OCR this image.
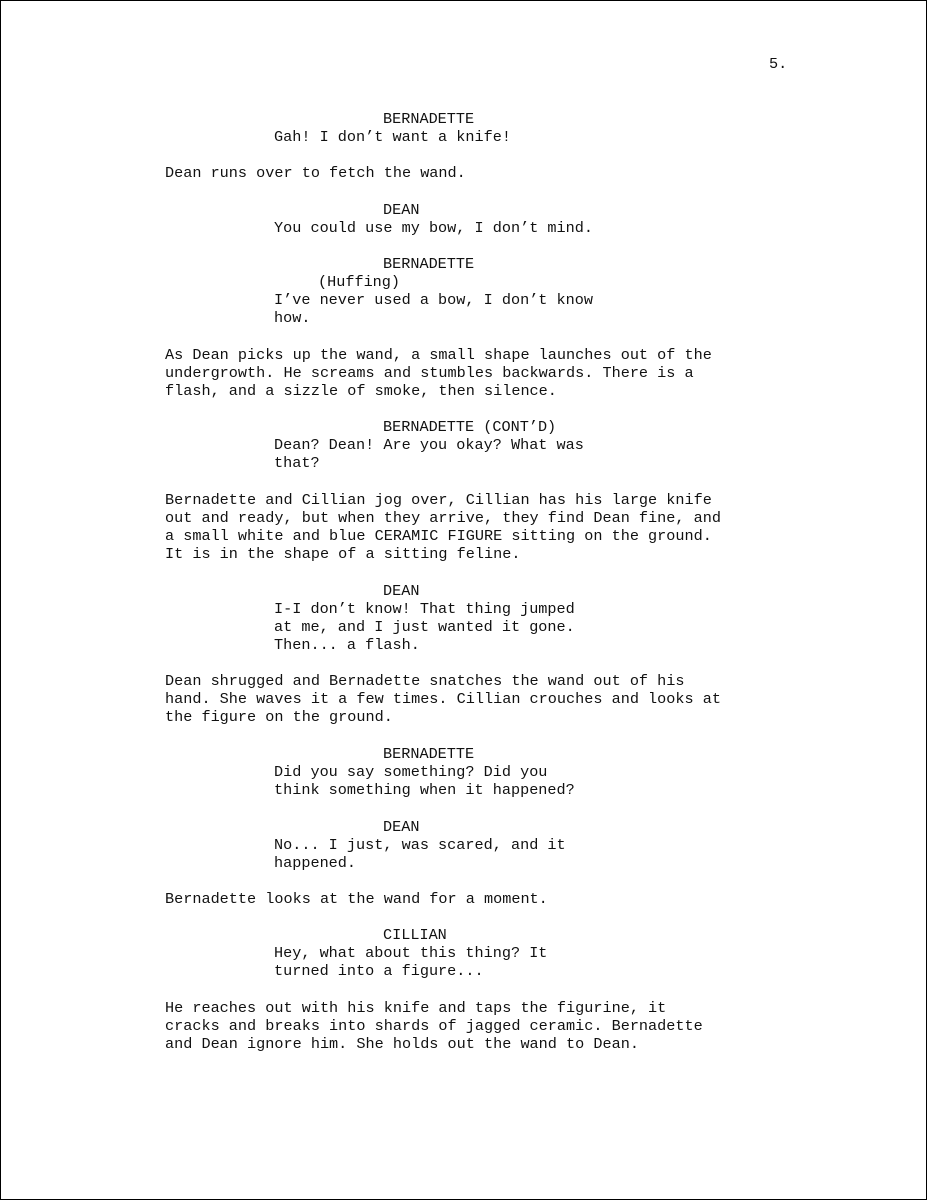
5.
BERNADETTE
Gah! I don’t want a knife!
Dean runs over to fetch the wand.
DEAN
You could use my bow, I don’t mind.
BERNADETTE
(Huffing)
I’ve never used a bow, I don’t know
how.
As Dean picks up the wand, a small shape launches out of the
undergrowth. He screams and stumbles backwards. There is a
flash, and a sizzle of smoke, then silence.
BERNADETTE (CONT’D)
Dean? Dean! Are you okay? What was
that?
Bernadette and Cillian jog over, Cillian has his large knife
out and ready, but when they arrive, they find Dean fine, and
a small white and blue CERAMIC FIGURE sitting on the ground.
It is in the shape of a sitting feline.
DEAN
I-I don’t know! That thing jumped
at me, and I just wanted it gone.
Then... a flash.
Dean shrugged and Bernadette snatches the wand out of his
hand. She waves it a few times. Cillian crouches and looks at
the figure on the ground.
BERNADETTE
Did you say something? Did you
think something when it happened?
DEAN
No... I just, was scared, and it
happened.
Bernadette looks at the wand for a moment.
CILLIAN
Hey, what about this thing? It
turned into a figure...
He reaches out with his knife and taps the figurine, it
cracks and breaks into shards of jagged ceramic. Bernadette
and Dean ignore him. She holds out the wand to Dean.
